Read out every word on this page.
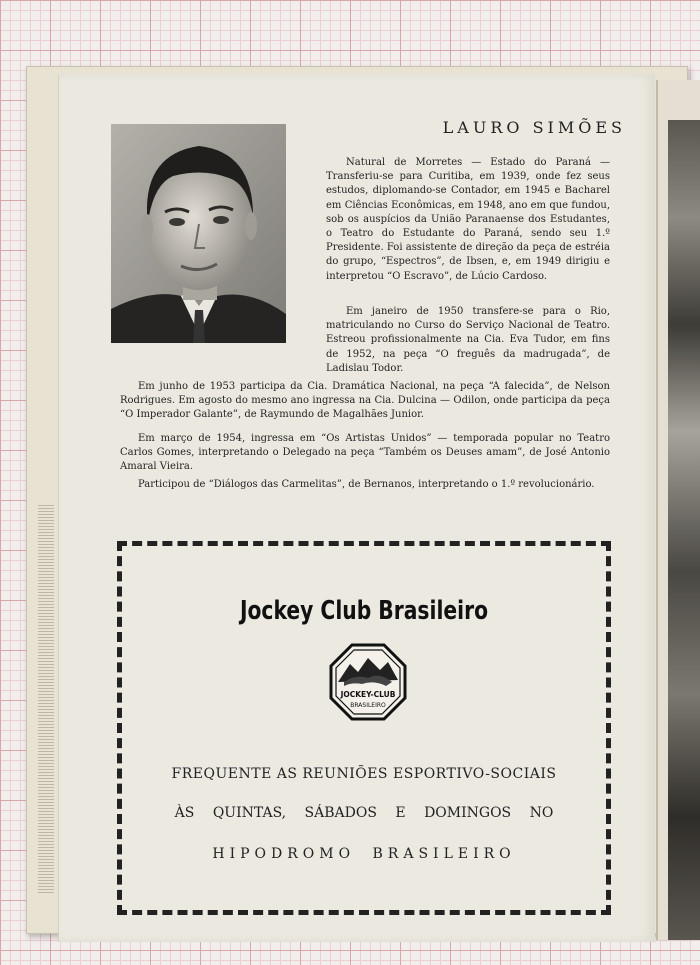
LAURO SIMÕES

Natural de Morretes — Estado do Paraná — Transferiu-se para Curitiba, em 1939, onde fez seus estudos, diplomando-se Contador, em 1945 e Bacharel em Ciências Econômicas, em 1948, ano em que fundou, sob os auspícios da União Paranaense dos Estudantes, o Teatro do Estudante do Paraná, sendo seu 1.º Presidente. Foi assistente de direção da peça de estréia do grupo, “Espectros”, de Ibsen, e, em 1949 dirigiu e interpretou “O Escravo”, de Lúcio Cardoso.

Em janeiro de 1950 transfere-se para o Rio, matriculando no Curso do Serviço Nacional de Teatro. Estreou profissionalmente na Cia. Eva Tudor, em fins de 1952, na peça “O freguês da madrugada”, de Ladislau Todor.

Em junho de 1953 participa da Cia. Dramática Nacional, na peça “A falecida”, de Nelson Rodrigues. Em agosto do mesmo ano ingressa na Cia. Dulcina — Odilon, onde participa da peça “O Imperador Galante”, de Raymundo de Magalhães Junior.

Em março de 1954, ingressa em “Os Artistas Unidos” — temporada popular no Teatro Carlos Gomes, interpretando o Delegado na peça “Também os Deuses amam”, de José Antonio Amaral Vieira.

Participou de “Diálogos das Carmelitas”, de Bernanos, interpretando o 1.º revolucionário.

Jockey Club Brasileiro
JOCKEY-CLUB
BRASILEIRO
FREQUENTE AS REUNIÕES ESPORTIVO-SOCIAIS
ÀS QUINTAS, SÁBADOS E DOMINGOS NO
HIPODROMO BRASILEIRO
